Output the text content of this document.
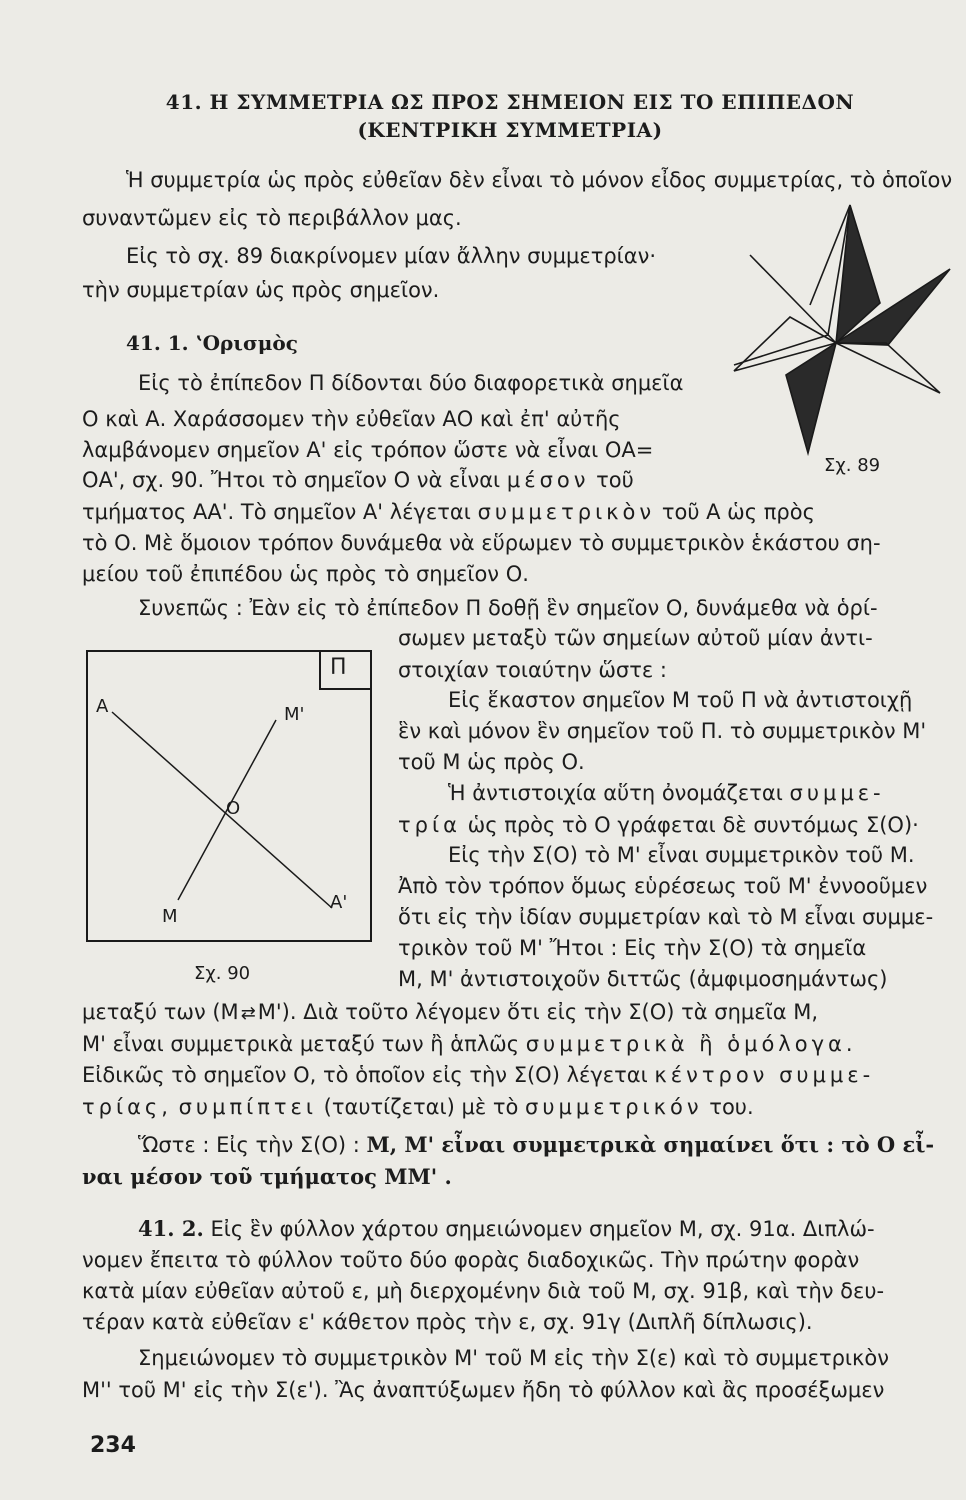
41. Η ΣΥΜΜΕΤΡΙΑ ΩΣ ΠΡΟΣ ΣΗΜΕΙΟΝ ΕΙΣ ΤΟ ΕΠΙΠΕΔΟΝ
(ΚΕΝΤΡΙΚΗ ΣΥΜΜΕΤΡΙΑ)
Ἡ συμμετρία ὡς πρὸς εὐθεῖαν δὲν εἶναι τὸ μόνον εἶδος συμμετρίας, τὸ ὁποῖον
συναντῶμεν εἰς τὸ περιβάλλον μας.
Εἰς τὸ σχ. 89 διακρίνομεν μίαν ἄλλην συμμετρίαν·
τὴν συμμετρίαν ὡς πρὸς σημεῖον.
41. 1. ʽΟρισμὸς
Εἰς τὸ ἐπίπεδον Π δίδονται δύο διαφορετικὰ σημεῖα
Ο καὶ Α. Χαράσσομεν τὴν εὐθεῖαν ΑΟ καὶ ἐπ' αὐτῆς
λαμβάνομεν σημεῖον Α' εἰς τρόπον ὥστε νὰ εἶναι ΟΑ=
ΟΑ', σχ. 90. Ἤτοι τὸ σημεῖον Ο νὰ εἶναι μέσον τοῦ
τμήματος ΑΑ'. Τὸ σημεῖον Α' λέγεται συμμετρικὸν τοῦ Α ὡς πρὸς
τὸ Ο. Μὲ ὅμοιον τρόπον δυνάμεθα νὰ εὕρωμεν τὸ συμμετρικὸν ἑκάστου ση-
μείου τοῦ ἐπιπέδου ὡς πρὸς τὸ σημεῖον Ο.
Συνεπῶς : Ἐὰν εἰς τὸ ἐπίπεδον Π δοθῇ ἓν σημεῖον Ο, δυνάμεθα νὰ ὁρί-
σωμεν μεταξὺ τῶν σημείων αὐτοῦ μίαν ἀντι-
στοιχίαν τοιαύτην ὥστε :
Εἰς ἕκαστον σημεῖον Μ τοῦ Π νὰ ἀντιστοιχῇ
ἓν καὶ μόνον ἓν σημεῖον τοῦ Π. τὸ συμμετρικὸν Μ'
τοῦ Μ ὡς πρὸς Ο.
Ἡ ἀντιστοιχία αὕτη ὀνομάζεται συμμε-
τρία ὡς πρὸς τὸ Ο γράφεται δὲ συντόμως Σ(Ο)·
Εἰς τὴν Σ(Ο) τὸ Μ' εἶναι συμμετρικὸν τοῦ Μ.
Ἀπὸ τὸν τρόπον ὅμως εὑρέσεως τοῦ Μ' ἐννοοῦμεν
ὅτι εἰς τὴν ἰδίαν συμμετρίαν καὶ τὸ Μ εἶναι συμμε-
τρικὸν τοῦ Μ' Ἤτοι : Εἰς τὴν Σ(Ο) τὰ σημεῖα
Μ, Μ' ἀντιστοιχοῦν διττῶς (ἀμφιμοσημάντως)
μεταξύ των (Μ ⇄Μ'). Διὰ τοῦτο λέγομεν ὅτι εἰς τὴν Σ(Ο) τὰ σημεῖα Μ,
Μ' εἶναι συμμετρικὰ μεταξύ των ἢ ἁπλῶς συμμετρικὰ ἢ ὁμόλογα.
Εἰδικῶς τὸ σημεῖον Ο, τὸ ὁποῖον εἰς τὴν Σ(Ο) λέγεται κέντρον συμμε-
τρίας, συμπίπτει (ταυτίζεται) μὲ τὸ συμμετρικόν του.
Ὥστε : Εἰς τὴν Σ(Ο) : Μ, Μ' εἶναι συμμετρικὰ σημαίνει ὅτι : τὸ Ο εἶ-
ναι μέσον τοῦ τμήματος ΜΜ' .
41. 2. Εἰς ἓν φύλλον χάρτου σημειώνομεν σημεῖον Μ, σχ. 91α. Διπλώ-
νομεν ἔπειτα τὸ φύλλον τοῦτο δύο φορὰς διαδοχικῶς. Τὴν πρώτην φορὰν
κατὰ μίαν εὐθεῖαν αὐτοῦ ε, μὴ διερχομένην διὰ τοῦ Μ, σχ. 91β, καὶ τὴν δευ-
τέραν κατὰ εὐθεῖαν ε' κάθετον πρὸς τὴν ε, σχ. 91γ (Διπλῆ δίπλωσις).
Σημειώνομεν τὸ συμμετρικὸν Μ' τοῦ Μ εἰς τὴν Σ(ε) καὶ τὸ συμμετρικὸν
Μ'' τοῦ Μ' εἰς τὴν Σ(ε'). Ἂς ἀναπτύξωμεν ἤδη τὸ φύλλον καὶ ἂς προσέξωμεν
Σχ. 89
Π
Α	Μ'
Ο
Μ
Α'
Σχ. 90
234
